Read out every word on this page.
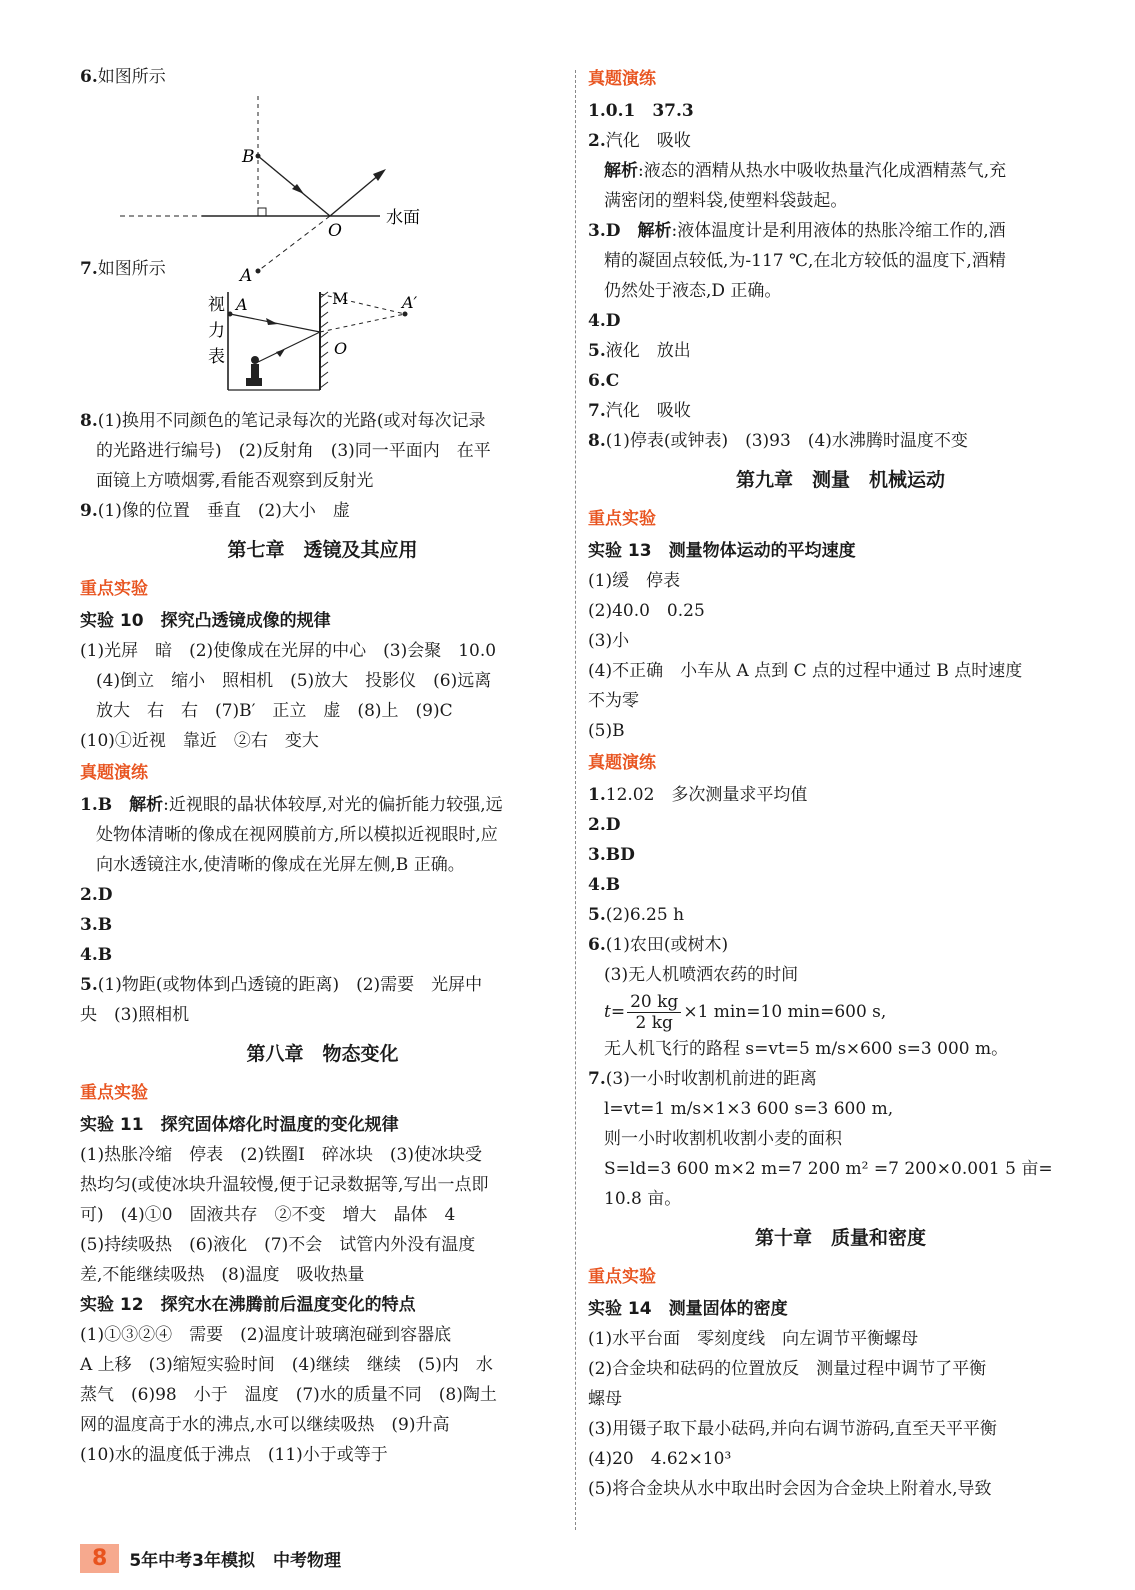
6.如图所示

B
A
O
水面

7.如图所示

视
力
表
A	M	A′
O

8.(1)换用不同颜色的笔记录每次的光路(或对每次记录

的光路进行编号)　(2)反射角　(3)同一平面内　在平

面镜上方喷烟雾,看能否观察到反射光

9.(1)像的位置　垂直　(2)大小　虚

第七章　透镜及其应用
重点实验
实验 10　探究凸透镜成像的规律

(1)光屏　暗　(2)使像成在光屏的中心　(3)会聚　10.0

(4)倒立　缩小　照相机　(5)放大　投影仪　(6)远离

放大　右　右　(7)B′　正立　虚　(8)上　(9)C

(10)①近视　靠近　②右　变大

真题演练

1.B　 解析:近视眼的晶状体较厚,对光的偏折能力较强,远

处物体清晰的像成在视网膜前方,所以模拟近视眼时,应

向水透镜注水,使清晰的像成在光屏左侧,B 正确。

2.D

3.B

4.B

5.(1)物距(或物体到凸透镜的距离)　(2)需要　光屏中

央　(3)照相机

第八章　物态变化
重点实验
实验 11　探究固体熔化时温度的变化规律

(1)热胀冷缩　停表　(2)铁圈Ⅰ　碎冰块　(3)使冰块受

热均匀(或使冰块升温较慢,便于记录数据等,写出一点即

可)　(4)①0　固液共存　②不变　增大　晶体　4

(5)持续吸热　(6)液化　(7)不会　试管内外没有温度

差,不能继续吸热　(8)温度　吸收热量

实验 12　探究水在沸腾前后温度变化的特点

(1)①③②④　需要　(2)温度计玻璃泡碰到容器底

A 上移　(3)缩短实验时间　(4)继续　继续　(5)内　水

蒸气　(6)98　小于　温度　(7)水的质量不同　(8)陶土

网的温度高于水的沸点,水可以继续吸热　(9)升高

(10)水的温度低于沸点　(11)小于或等于

真题演练

1.0.1　37.3

2.汽化　吸收

解析:液态的酒精从热水中吸收热量汽化成酒精蒸气,充

满密闭的塑料袋,使塑料袋鼓起。

3.D　 解析:液体温度计是利用液体的热胀冷缩工作的,酒

精的凝固点较低,为-117 ℃,在北方较低的温度下,酒精

仍然处于液态,D 正确。

4.D

5.液化　放出

6.C

7.汽化　吸收

8.(1)停表(或钟表)　(3)93　(4)水沸腾时温度不变

第九章　测量　机械运动
重点实验
实验 13　测量物体运动的平均速度

(1)缓　停表

(2)40.0　0.25

(3)小

(4)不正确　小车从 A 点到 C 点的过程中通过 B 点时速度

不为零

(5)B

真题演练

1.12.02　多次测量求平均值

2.D

3.BD

4.B

5.(2)6.25 h

6.(1)农田(或树木)

(3)无人机喷洒农药的时间

$t= \frac{20 kg}{2 kg} \times 1$ min=10 min=600 s,

无人机飞行的路程 s=vt=5 m/s×600 s=3 000 m。

7.(3)一小时收割机前进的距离

l=vt=1 m/s×1×3 600 s=3 600 m,

则一小时收割机收割小麦的面积

S=ld=3 600 m×2 m=7 200 m² =7 200×0.001 5 亩=

10.8 亩。

第十章　质量和密度
重点实验
实验 14　测量固体的密度

(1)水平台面　零刻度线　向左调节平衡螺母

(2)合金块和砝码的位置放反　测量过程中调节了平衡

螺母

(3)用镊子取下最小砝码,并向右调节游码,直至天平平衡

(4)20　4.62×10³

(5)将合金块从水中取出时会因为合金块上附着水,导致

8	5年中考3年模拟 中考物理
